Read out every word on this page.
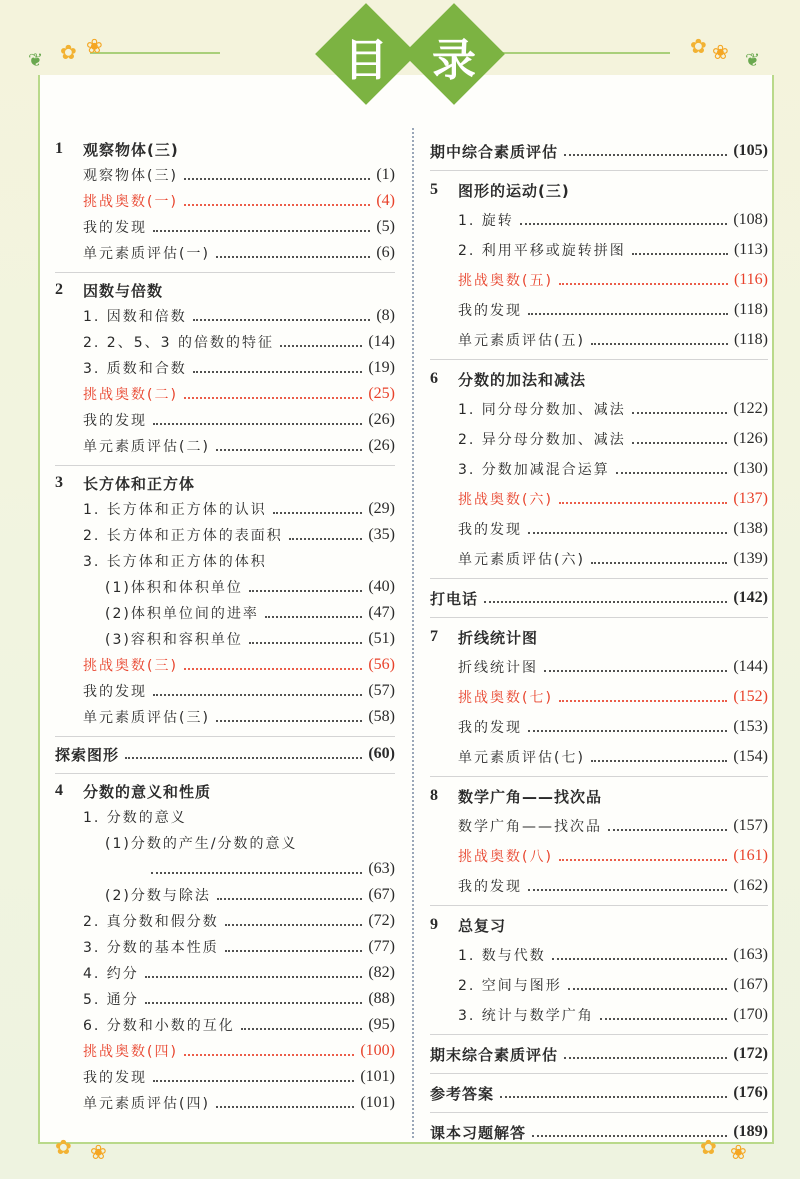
❦ ✿ ❀	✿ ❀ ❦
✿ ❀	✿ ❀
目 录
1	观察物体(三)
观察物体(三)	(1)
挑战奥数(一)	(4)
我的发现	(5)
单元素质评估(一)	(6)
2	因数与倍数
1. 因数和倍数	(8)
2. 2、5、3 的倍数的特征	(14)
3. 质数和合数	(19)
挑战奥数(二)	(25)
我的发现	(26)
单元素质评估(二)	(26)
3	长方体和正方体
1. 长方体和正方体的认识	(29)
2. 长方体和正方体的表面积	(35)
3. 长方体和正方体的体积
(1)体积和体积单位	(40)
(2)体积单位间的进率	(47)
(3)容积和容积单位	(51)
挑战奥数(三)	(56)
我的发现	(57)
单元素质评估(三)	(58)
探索图形	(60)
4	分数的意义和性质
1. 分数的意义
(1)分数的产生/分数的意义
(63)
(2)分数与除法	(67)
2. 真分数和假分数	(72)
3. 分数的基本性质	(77)
4. 约分	(82)
5. 通分	(88)
6. 分数和小数的互化	(95)
挑战奥数(四)	(100)
我的发现	(101)
单元素质评估(四)	(101)
期中综合素质评估	(105)
5	图形的运动(三)
1. 旋转	(108)
2. 利用平移或旋转拼图	(113)
挑战奥数(五)	(116)
我的发现	(118)
单元素质评估(五)	(118)
6	分数的加法和减法
1. 同分母分数加、减法	(122)
2. 异分母分数加、减法	(126)
3. 分数加减混合运算	(130)
挑战奥数(六)	(137)
我的发现	(138)
单元素质评估(六)	(139)
打电话	(142)
7	折线统计图
折线统计图	(144)
挑战奥数(七)	(152)
我的发现	(153)
单元素质评估(七)	(154)
8	数学广角——找次品
数学广角——找次品	(157)
挑战奥数(八)	(161)
我的发现	(162)
9	总复习
1. 数与代数	(163)
2. 空间与图形	(167)
3. 统计与数学广角	(170)
期末综合素质评估	(172)
参考答案	(176)
课本习题解答	(189)
